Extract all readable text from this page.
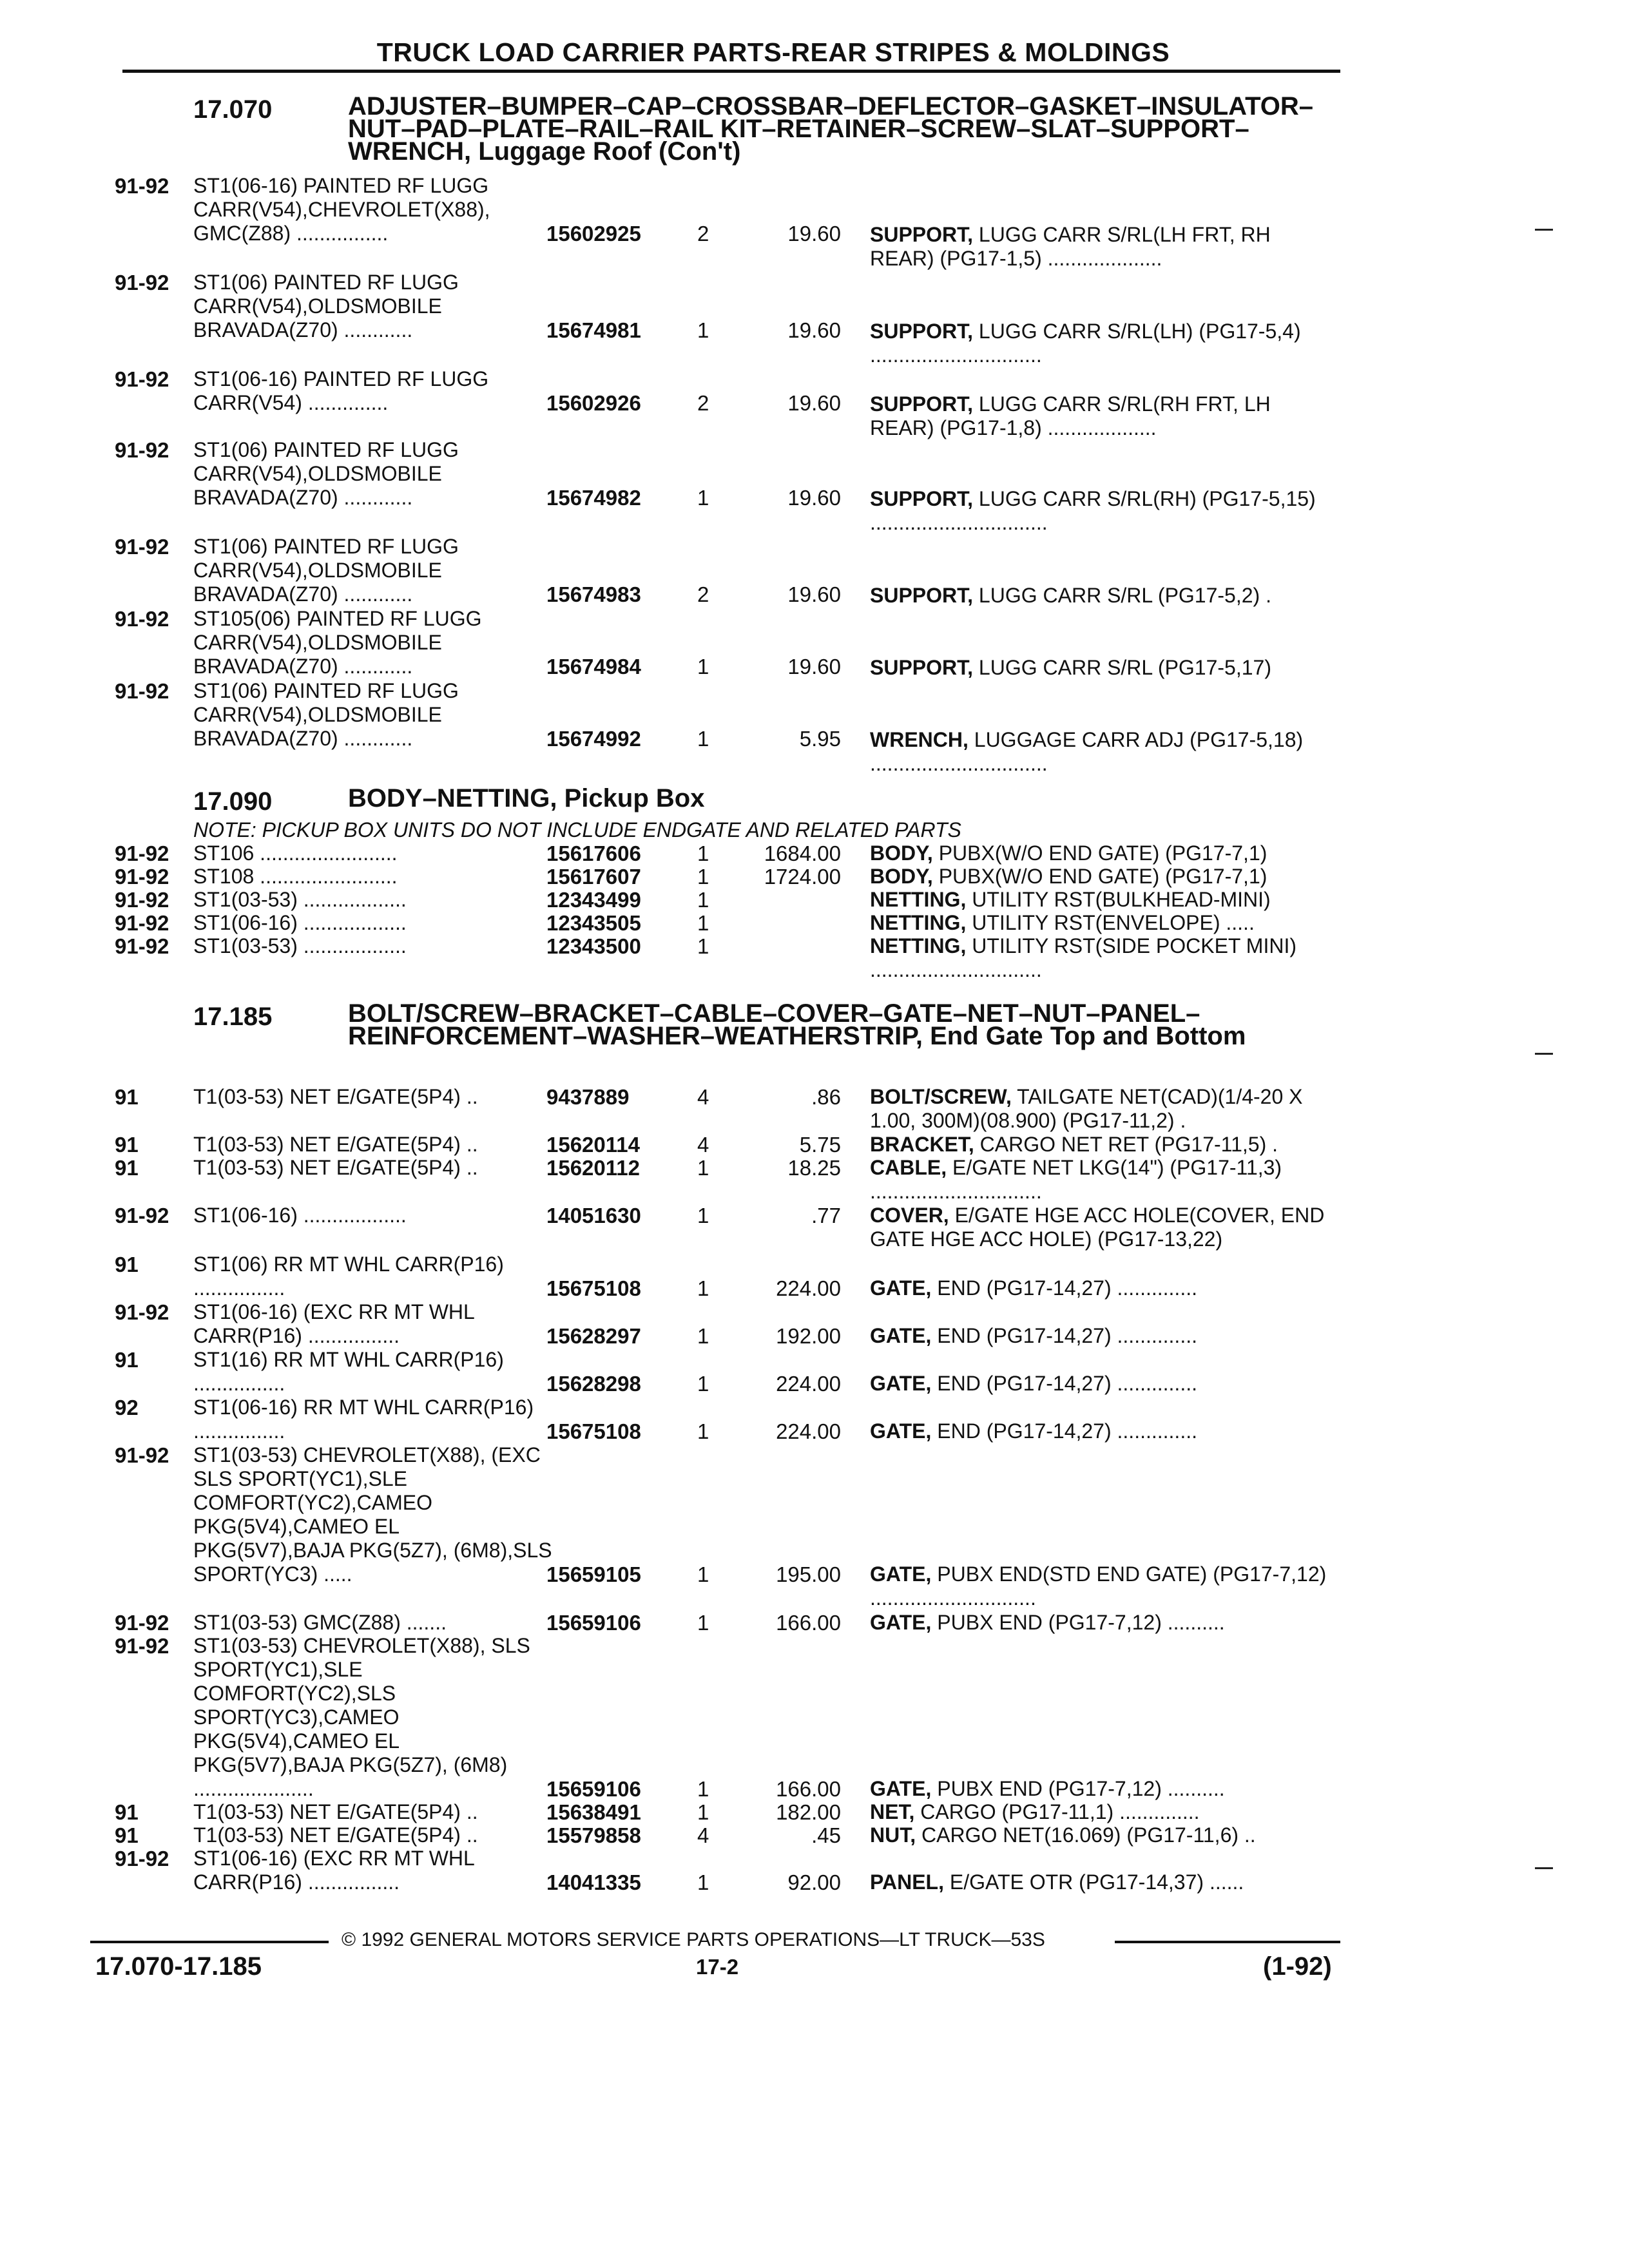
TRUCK LOAD CARRIER PARTS-REAR STRIPES & MOLDINGS
17.070	ADJUSTER–BUMPER–CAP–CROSSBAR–DEFLECTOR–GASKET–INSULATOR–NUT–PAD–PLATE–RAIL–RAIL KIT–RETAINER–SCREW–SLAT–SUPPORT–WRENCH, Luggage Roof (Con't)
91-92 ST1(06-16) PAINTED RF LUGG CARR(V54),CHEVROLET(X88), GMC(Z88) ................	15602925	2	19.60 SUPPORT, LUGG CARR S/RL(LH FRT, RH REAR) (PG17-1,5) ....................
91-92 ST1(06) PAINTED RF LUGG CARR(V54),OLDSMOBILE BRAVADA(Z70) ............	15674981	1	19.60 SUPPORT, LUGG CARR S/RL(LH) (PG17-5,4) ..............................
91-92 ST1(06-16) PAINTED RF LUGG CARR(V54) ..............	15602926	2	19.60 SUPPORT, LUGG CARR S/RL(RH FRT, LH REAR) (PG17-1,8) ...................
91-92 ST1(06) PAINTED RF LUGG CARR(V54),OLDSMOBILE BRAVADA(Z70) ............	15674982	1	19.60 SUPPORT, LUGG CARR S/RL(RH) (PG17-5,15) ...............................
91-92 ST1(06) PAINTED RF LUGG CARR(V54),OLDSMOBILE BRAVADA(Z70) ............	15674983	2	19.60 SUPPORT, LUGG CARR S/RL (PG17-5,2) .
91-92 ST105(06) PAINTED RF LUGG CARR(V54),OLDSMOBILE BRAVADA(Z70) ............	15674984	1	19.60 SUPPORT, LUGG CARR S/RL (PG17-5,17)
91-92 ST1(06) PAINTED RF LUGG CARR(V54),OLDSMOBILE BRAVADA(Z70) ............	15674992	1	5.95 WRENCH, LUGGAGE CARR ADJ (PG17-5,18) ...............................
17.090	BODY–NETTING, Pickup Box
NOTE: PICKUP BOX UNITS DO NOT INCLUDE ENDGATE AND RELATED PARTS
91-92 ST106 ........................	15617606	1	1684.00 BODY, PUBX(W/O END GATE) (PG17-7,1)
91-92 ST108 ........................	15617607	1	1724.00 BODY, PUBX(W/O END GATE) (PG17-7,1)
91-92 ST1(03-53) ..................	12343499	1	NETTING, UTILITY RST(BULKHEAD-MINI)
91-92 ST1(06-16) ..................	12343505	1	NETTING, UTILITY RST(ENVELOPE) .....
91-92 ST1(03-53) ..................	12343500	1	NETTING, UTILITY RST(SIDE POCKET MINI) ..............................
17.185	BOLT/SCREW–BRACKET–CABLE–COVER–GATE–NET–NUT–PANEL–REINFORCEMENT–WASHER–WEATHERSTRIP, End Gate Top and Bottom
91	T1(03-53) NET E/GATE(5P4) ..	9437889	4	.86 BOLT/SCREW, TAILGATE NET(CAD)(1/4-20 X 1.00, 300M)(08.900) (PG17-11,2) .
91	T1(03-53) NET E/GATE(5P4) ..	15620114	4	5.75 BRACKET, CARGO NET RET (PG17-11,5) .
91	T1(03-53) NET E/GATE(5P4) ..	15620112	1	18.25 CABLE, E/GATE NET LKG(14") (PG17-11,3) ..............................
91-92 ST1(06-16) ..................	14051630	1	.77 COVER, E/GATE HGE ACC HOLE(COVER, END GATE HGE ACC HOLE) (PG17-13,22)
91	ST1(06) RR MT WHL CARR(P16) ................	15675108	1	224.00 GATE, END (PG17-14,27) ..............
91-92 ST1(06-16) (EXC RR MT WHL CARR(P16) ................	15628297	1	192.00 GATE, END (PG17-14,27) ..............
91	ST1(16) RR MT WHL CARR(P16) ................	15628298	1	224.00 GATE, END (PG17-14,27) ..............
92	ST1(06-16) RR MT WHL CARR(P16) ................	15675108	1	224.00 GATE, END (PG17-14,27) ..............
91-92 ST1(03-53) CHEVROLET(X88), (EXC SLS SPORT(YC1),SLE COMFORT(YC2),CAMEO PKG(5V4),CAMEO EL PKG(5V7),BAJA PKG(5Z7), (6M8),SLS SPORT(YC3) .....	15659105	1	195.00 GATE, PUBX END(STD END GATE) (PG17-7,12) .............................
91-92 ST1(03-53) GMC(Z88) .......	15659106	1	166.00 GATE, PUBX END (PG17-7,12) ..........
91-92 ST1(03-53) CHEVROLET(X88), SLS SPORT(YC1),SLE COMFORT(YC2),SLS SPORT(YC3),CAMEO PKG(5V4),CAMEO EL PKG(5V7),BAJA PKG(5Z7), (6M8) .....................	15659106	1	166.00 GATE, PUBX END (PG17-7,12) ..........
91	T1(03-53) NET E/GATE(5P4) ..	15638491	1	182.00 NET, CARGO (PG17-11,1) ..............
91	T1(03-53) NET E/GATE(5P4) ..	15579858	4	.45 NUT, CARGO NET(16.069) (PG17-11,6) ..
91-92 ST1(06-16) (EXC RR MT WHL CARR(P16) ................	14041335	1	92.00 PANEL, E/GATE OTR (PG17-14,37) ......
© 1992 GENERAL MOTORS SERVICE PARTS OPERATIONS—LT TRUCK—53S
17.070-17.185	17-2	(1-92)
